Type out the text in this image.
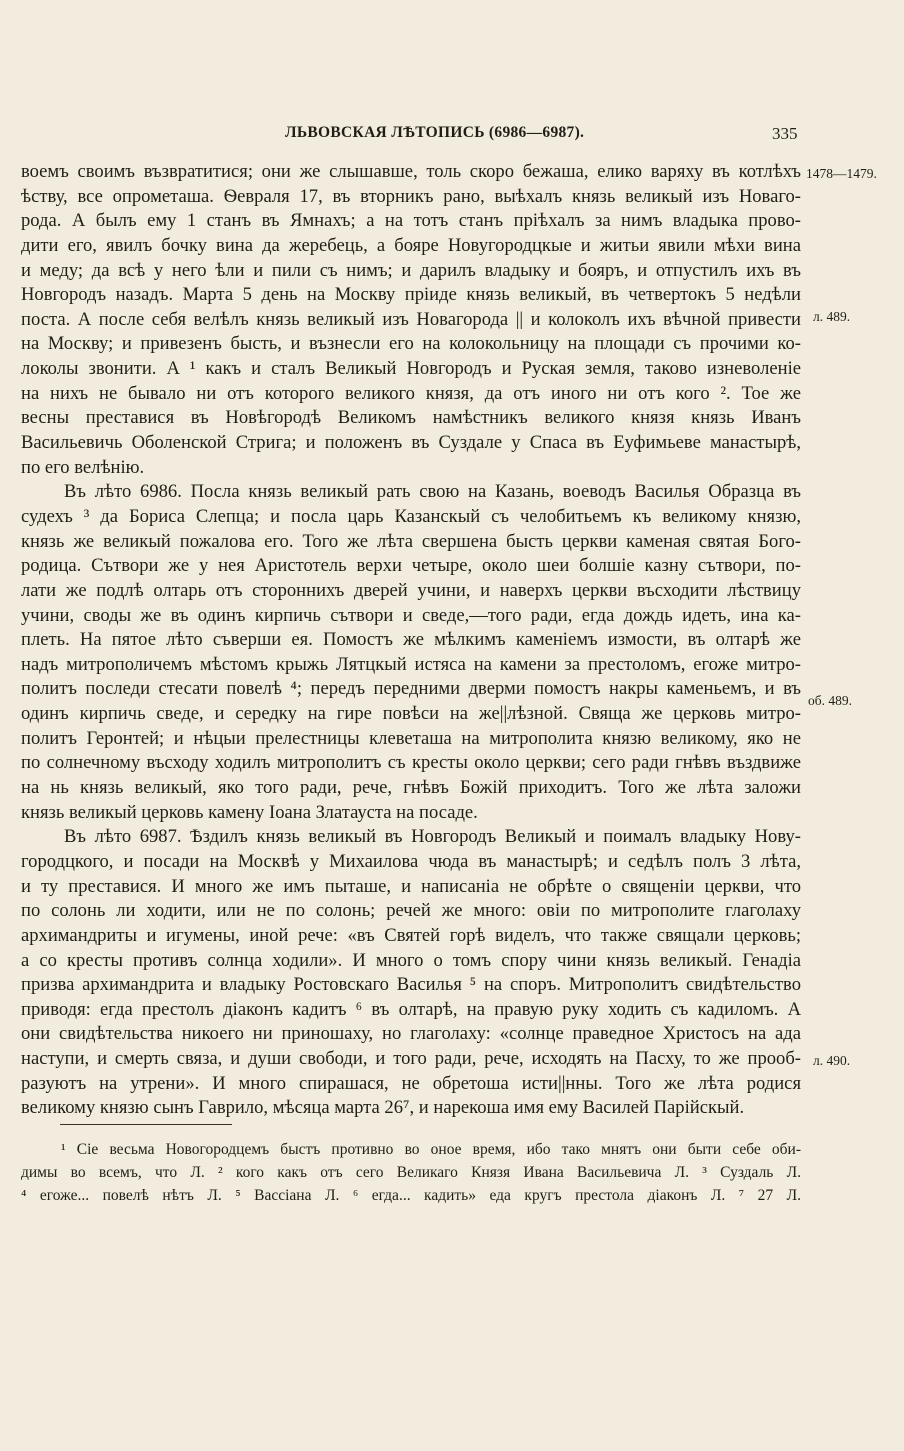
ЛЬВОВСКАЯ ЛѢТОПИСЬ (6986—6987).	335
воемъ своимъ възвратитися; они же слышавше, толь скоро бежаша, елико варяху въ котлѣхъ
ѣству, все опрометаша. Ѳевраля 17, въ вторникъ рано, выѣхалъ князь великый изъ Новаго-
рода. А былъ ему 1 станъ въ Ямнахъ; а на тотъ станъ пріѣхалъ за нимъ владыка прово-
дити его, явилъ бочку вина да жеребець, а бояре Новугородцкые и житьи явили мѣхи вина
и меду; да всѣ у него ѣли и пили съ нимъ; и дарилъ владыку и бояръ, и отпустилъ ихъ въ
Новгородъ назадъ. Марта 5 день на Москву пріиде князь великый, въ четвертокъ 5 недѣли
поста. А после себя велѣлъ князь великый изъ Новагорода || и колоколъ ихъ вѣчной привести
на Москву; и привезенъ бысть, и възнесли его на колокольницу на площади съ прочими ко-
локолы звонити. А ¹ какъ и сталъ Великый Новгородъ и Руская земля, таково изневоленіе
на нихъ не бывало ни отъ которого великого князя, да отъ иного ни отъ кого ². Тое же
весны преставися въ Новѣгородѣ Великомъ намѣстникъ великого князя князь Иванъ
Васильевичь Оболенской Стрига; и положенъ въ Суздале у Спаса въ Еуфимьеве манастырѣ,
по его велѣнію.
Въ лѣто 6986. Посла князь великый рать свою на Казань, воеводъ Василья Образца въ
судехъ ³ да Бориса Слепца; и посла царь Казанскый съ челобитьемъ къ великому князю,
князь же великый пожалова его. Того же лѣта свершена бысть церкви каменая святая Бого-
родица. Сътвори же у нея Аристотель верхи четыре, около шеи болшіе казну сътвори, по-
лати же подлѣ олтарь отъ стороннихъ дверей учини, и наверхъ церкви въсходити лѣствицу
учини, своды же въ одинъ кирпичь сътвори и сведе,—того ради, егда дождь идеть, ина ка-
плеть. На пятое лѣто съверши ея. Помостъ же мѣлкимъ каменіемъ измости, въ олтарѣ же
надъ митрополичемъ мѣстомъ крыжь Лятцкый истяса на камени за престоломъ, егоже митро-
политъ последи стесати повелѣ ⁴; передъ передними дверми помостъ накры каменьемъ, и въ
одинъ кирпичь сведе, и середку на гире повѣси на же||лѣзной. Свяща же церковь митро-
политъ Геронтей; и нѣцыи прелестницы клеветаша на митрополита князю великому, яко не
по солнечному въсходу ходилъ митрополитъ съ кресты около церкви; сего ради гнѣвъ въздвиже
на нь князь великый, яко того ради, рече, гнѣвъ Божій приходитъ. Того же лѣта заложи
князь великый церковь камену Іоана Златауста на посаде.
Въ лѣто 6987. Ѣздилъ князь великый въ Новгородъ Великый и поималъ владыку Нову-
городцкого, и посади на Москвѣ у Михаилова чюда въ манастырѣ; и седѣлъ полъ 3 лѣта,
и ту преставися. И много же имъ пыташе, и написаніа не обрѣте о священіи церкви, что
по солонь ли ходити, или не по солонь; речей же много: овіи по митрополите глаголаху
архимандриты и игумены, иной рече: «въ Святей горѣ виделъ, что также свящали церковь;
а со кресты противъ солнца ходили». И много о томъ спору чини князь великый. Генадіа
призва архимандрита и владыку Ростовскаго Василья ⁵ на споръ. Митрополитъ свидѣтельство
приводя: егда престолъ діаконъ кадитъ ⁶ въ олтарѣ, на правую руку ходить съ кадиломъ. А
они свидѣтельства никоего ни приношаху, но глаголаху: «солнце праведное Христосъ на ада
наступи, и смерть связа, и души свободи, и того ради, рече, исходять на Пасху, то же прооб-
разуютъ на утрени». И много спирашася, не обретоша исти||нны. Того же лѣта родися
великому князю сынъ Гаврило, мѣсяца марта 26⁷, и нарекоша имя ему Василей Парійскый.
1478—1479.
л. 489.
об. 489.
л. 490.
¹ Сіе весьма Новогородцемъ быстъ противно во оное время, ибо тако мнятъ они быти себе оби-
димы во всемъ, что Л. ² кого какъ отъ сего Великаго Князя Ивана Васильевича Л. ³ Суздаль Л.
⁴ егоже... повелѣ нѣтъ Л. ⁵ Вассіана Л. ⁶ егда... кадить» еда кругъ престола діаконъ Л. ⁷ 27 Л.
